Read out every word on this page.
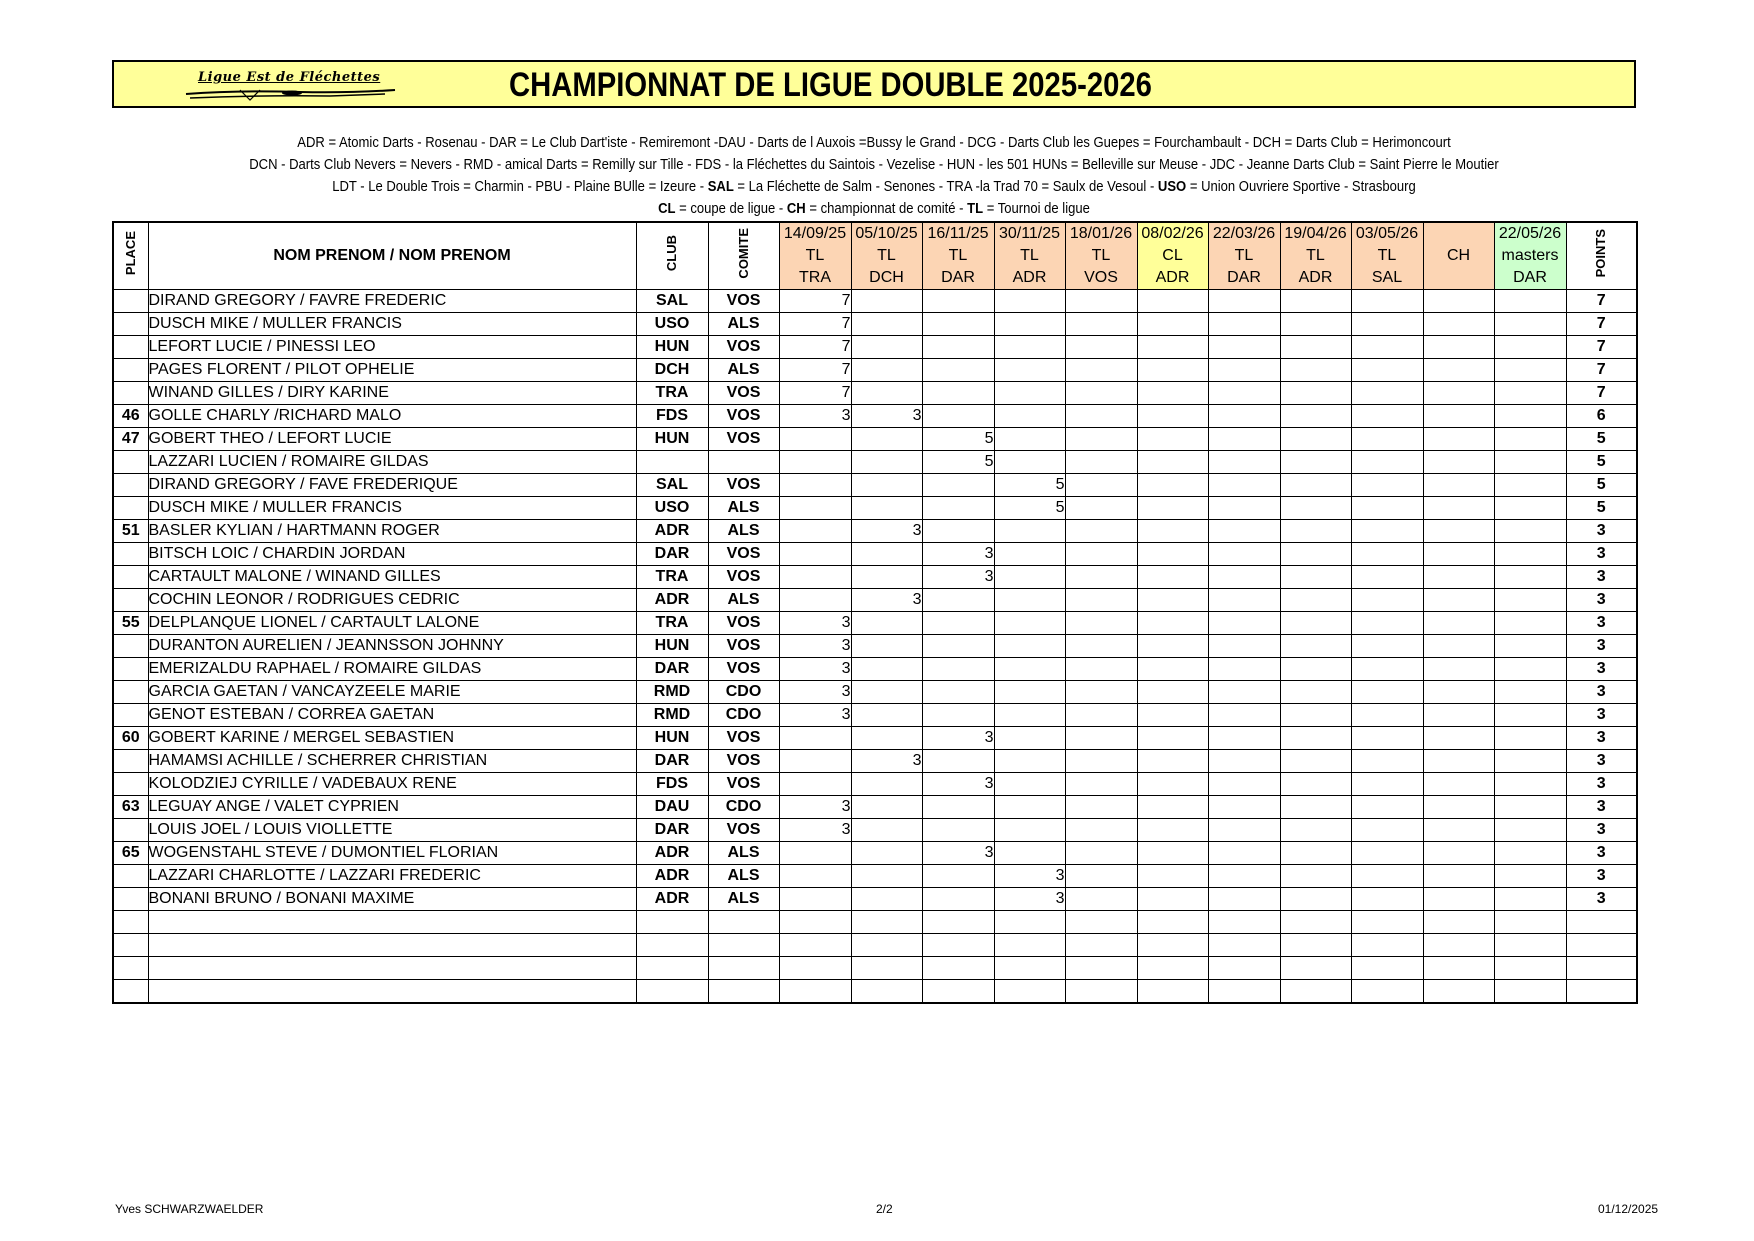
Ligue Est de Fléchettes	CHAMPIONNAT DE LIGUE DOUBLE 2025-2026
ADR = Atomic Darts - Rosenau - DAR = Le Club Dart'iste - Remiremont -DAU - Darts de l Auxois =Bussy le Grand - DCG - Darts Club les Guepes = Fourchambault - DCH = Darts Club = Herimoncourt
DCN - Darts Club Nevers = Nevers - RMD - amical Darts = Remilly sur Tille - FDS - la Fléchettes du Saintois - Vezelise - HUN - les 501 HUNs = Belleville sur Meuse - JDC - Jeanne Darts Club = Saint Pierre le Moutier
LDT - Le Double Trois = Charmin - PBU - Plaine BUlle = Izeure - SAL = La Fléchette de Salm - Senones - TRA -la Trad 70 = Saulx de Vesoul - USO = Union Ouvriere Sportive - Strasbourg
CL = coupe de ligue - CH = championnat de comité - TL = Tournoi de ligue
PLACE	NOM PRENOM / NOM PRENOM	CLUB	COMITE	14/09/25	05/10/25	16/11/25	30/11/25	18/01/26	08/02/26	22/03/26	19/04/26	03/05/26		22/05/26	POINTS
				TL	TL	TL	TL	TL	CL	TL	TL	TL	CH	masters	
				TRA	DCH	DAR	ADR	VOS	ADR	DAR	ADR	SAL		DAR	
	DIRAND GREGORY / FAVRE FREDERIC	SAL	VOS	7											7
	DUSCH MIKE / MULLER FRANCIS	USO	ALS	7											7
	LEFORT LUCIE / PINESSI LEO	HUN	VOS	7											7
	PAGES FLORENT / PILOT OPHELIE	DCH	ALS	7											7
	WINAND GILLES / DIRY KARINE	TRA	VOS	7											7
46	GOLLE CHARLY /RICHARD MALO	FDS	VOS	3	3										6
47	GOBERT THEO / LEFORT LUCIE	HUN	VOS			5									5
	LAZZARI LUCIEN / ROMAIRE GILDAS					5									5
	DIRAND GREGORY / FAVE FREDERIQUE	SAL	VOS				5								5
	DUSCH MIKE / MULLER FRANCIS	USO	ALS				5								5
51	BASLER KYLIAN / HARTMANN ROGER	ADR	ALS		3										3
	BITSCH LOIC / CHARDIN JORDAN	DAR	VOS			3									3
	CARTAULT MALONE / WINAND GILLES	TRA	VOS			3									3
	COCHIN LEONOR / RODRIGUES CEDRIC	ADR	ALS		3										3
55	DELPLANQUE LIONEL / CARTAULT LALONE	TRA	VOS	3											3
	DURANTON AURELIEN / JEANNSSON JOHNNY	HUN	VOS	3											3
	EMERIZALDU RAPHAEL / ROMAIRE GILDAS	DAR	VOS	3											3
	GARCIA GAETAN / VANCAYZEELE MARIE	RMD	CDO	3											3
	GENOT ESTEBAN / CORREA GAETAN	RMD	CDO	3											3
60	GOBERT KARINE / MERGEL SEBASTIEN	HUN	VOS			3									3
	HAMAMSI ACHILLE / SCHERRER CHRISTIAN	DAR	VOS		3										3
	KOLODZIEJ CYRILLE / VADEBAUX RENE	FDS	VOS			3									3
63	LEGUAY ANGE / VALET CYPRIEN	DAU	CDO	3											3
	LOUIS JOEL / LOUIS VIOLLETTE	DAR	VOS	3											3
65	WOGENSTAHL STEVE / DUMONTIEL FLORIAN	ADR	ALS			3									3
	LAZZARI CHARLOTTE / LAZZARI FREDERIC	ADR	ALS				3								3
	BONANI BRUNO / BONANI MAXIME	ADR	ALS				3								3

Yves SCHWARZWAELDER	2/2	01/12/2025
